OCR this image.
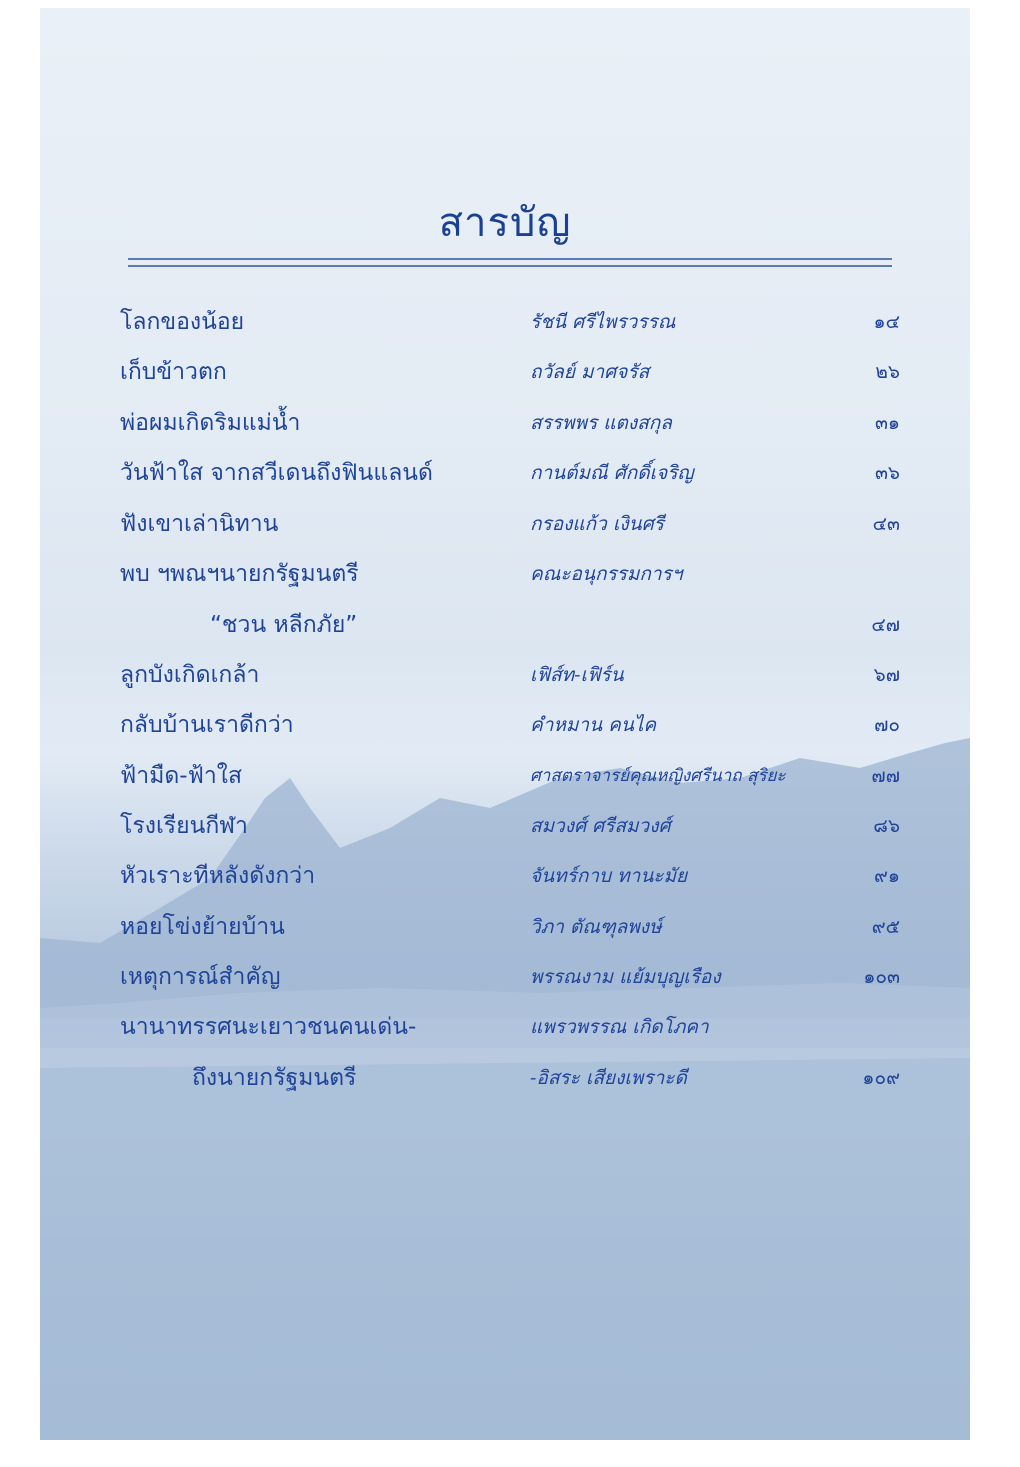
สารบัญ
โลกของน้อย	รัชนี ศรีไพรวรรณ	๑๔
เก็บข้าวตก	ถวัลย์ มาศจรัส	๒๖
พ่อผมเกิดริมแม่น้ำ	สรรพพร แตงสกุล	๓๑
วันฟ้าใส จากสวีเดนถึงฟินแลนด์	กานต์มณี ศักดิ์เจริญ	๓๖
ฟังเขาเล่านิทาน	กรองแก้ว เงินศรี	๔๓
พบ ฯพณฯนายกรัฐมนตรี	คณะอนุกรรมการฯ
“ชวน หลีกภัย”	๔๗
ลูกบังเกิดเกล้า	เฟิส์ท-เฟิร์น	๖๗
กลับบ้านเราดีกว่า	คำหมาน คนไค	๗๐
ฟ้ามืด-ฟ้าใส	ศาสตราจารย์คุณหญิงศรีนาถ สุริยะ	๗๗
โรงเรียนกีฬา	สมวงศ์ ศรีสมวงศ์	๘๖
หัวเราะทีหลังดังกว่า	จันทร์กาบ ทานะมัย	๙๑
หอยโข่งย้ายบ้าน	วิภา ตัณฑุลพงษ์	๙๕
เหตุการณ์สำคัญ	พรรณงาม แย้มบุญเรือง	๑๐๓
นานาทรรศนะเยาวชนคนเด่น-	แพรวพรรณ เกิดโภคา
ถึงนายกรัฐมนตรี	-อิสระ เสียงเพราะดี	๑๐๙
